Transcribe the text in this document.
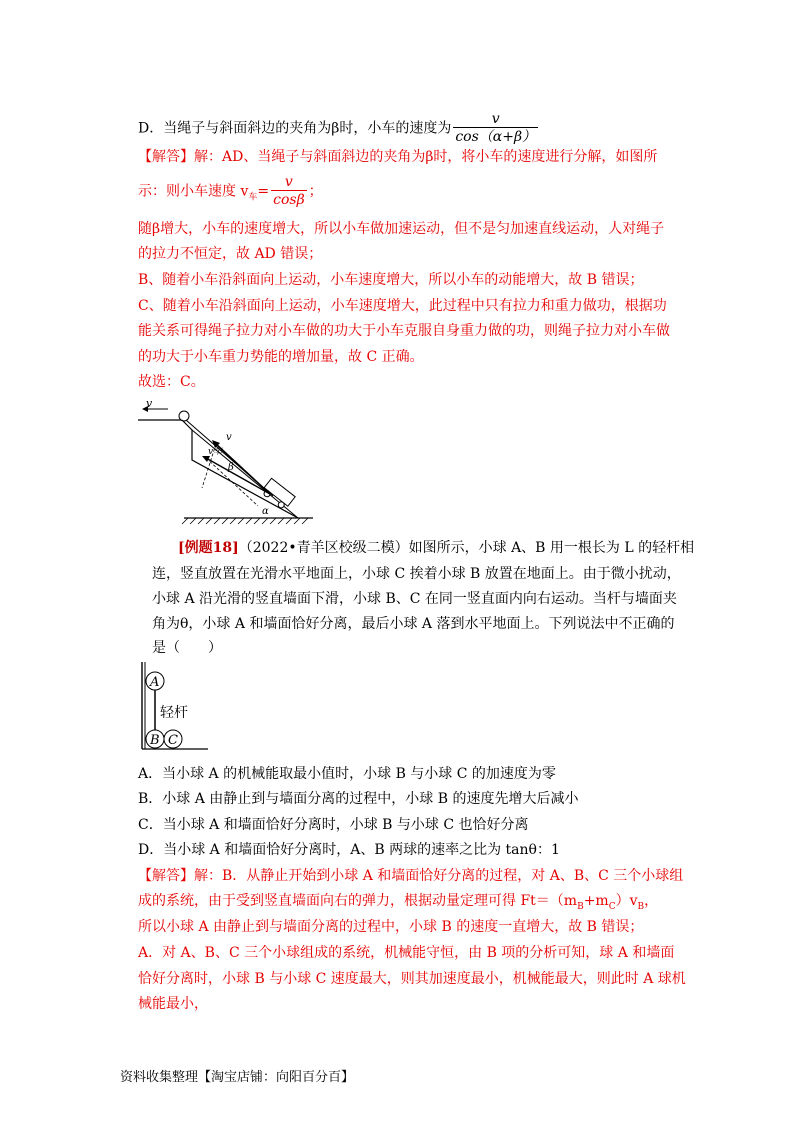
D．当绳子与斜面斜边的夹角为β时，小车的速度为 $\frac{v}{\cos(\alpha+\beta)}$
【解答】解：AD、当绳子与斜面斜边的夹角为β时，将小车的速度进行分解，如图所
示：则小车速度 $v_车= \frac{v}{\cos\beta}$ ；
随β增大，小车的速度增大，所以小车做加速运动，但不是匀加速直线运动，人对绳子
的拉力不恒定，故 AD 错误；
B、随着小车沿斜面向上运动，小车速度增大，所以小车的动能增大，故 B 错误；
C、随着小车沿斜面向上运动，小车速度增大，此过程中只有拉力和重力做功，根据功
能关系可得绳子拉力对小车做的功大于小车克服自身重力做的功，则绳子拉力对小车做
的功大于小车重力势能的增加量，故 C 正确。
故选：C。
v
v
v车
β
α
[例题18]（2022•青羊区校级二模）如图所示，小球 A、B 用一根长为 L 的轻杆相
连，竖直放置在光滑水平地面上，小球 C 挨着小球 B 放置在地面上。由于微小扰动，
小球 A 沿光滑的竖直墙面下滑，小球 B、C 在同一竖直面内向右运动。当杆与墙面夹
角为θ，小球 A 和墙面恰好分离，最后小球 A 落到水平地面上。下列说法中不正确的
是（　　）
A
轻杆
B C
A．当小球 A 的机械能取最小值时，小球 B 与小球 C 的加速度为零
B．小球 A 由静止到与墙面分离的过程中，小球 B 的速度先增大后减小
C．当小球 A 和墙面恰好分离时，小球 B 与小球 C 也恰好分离
D．当小球 A 和墙面恰好分离时，A、B 两球的速率之比为 tanθ：1
【解答】解：B．从静止开始到小球 A 和墙面恰好分离的过程，对 A、B、C 三个小球组
成的系统，由于受到竖直墙面向右的弹力，根据动量定理可得 $Ft=(m_B+m_C)v_B$，
所以小球 A 由静止到与墙面分离的过程中，小球 B 的速度一直增大，故 B 错误；
A．对 A、B、C 三个小球组成的系统，机械能守恒，由 B 项的分析可知，球 A 和墙面
恰好分离时，小球 B 与小球 C 速度最大，则其加速度最小，机械能最大，则此时 A 球机
械能最小，
资料收集整理【淘宝店铺：向阳百分百】
